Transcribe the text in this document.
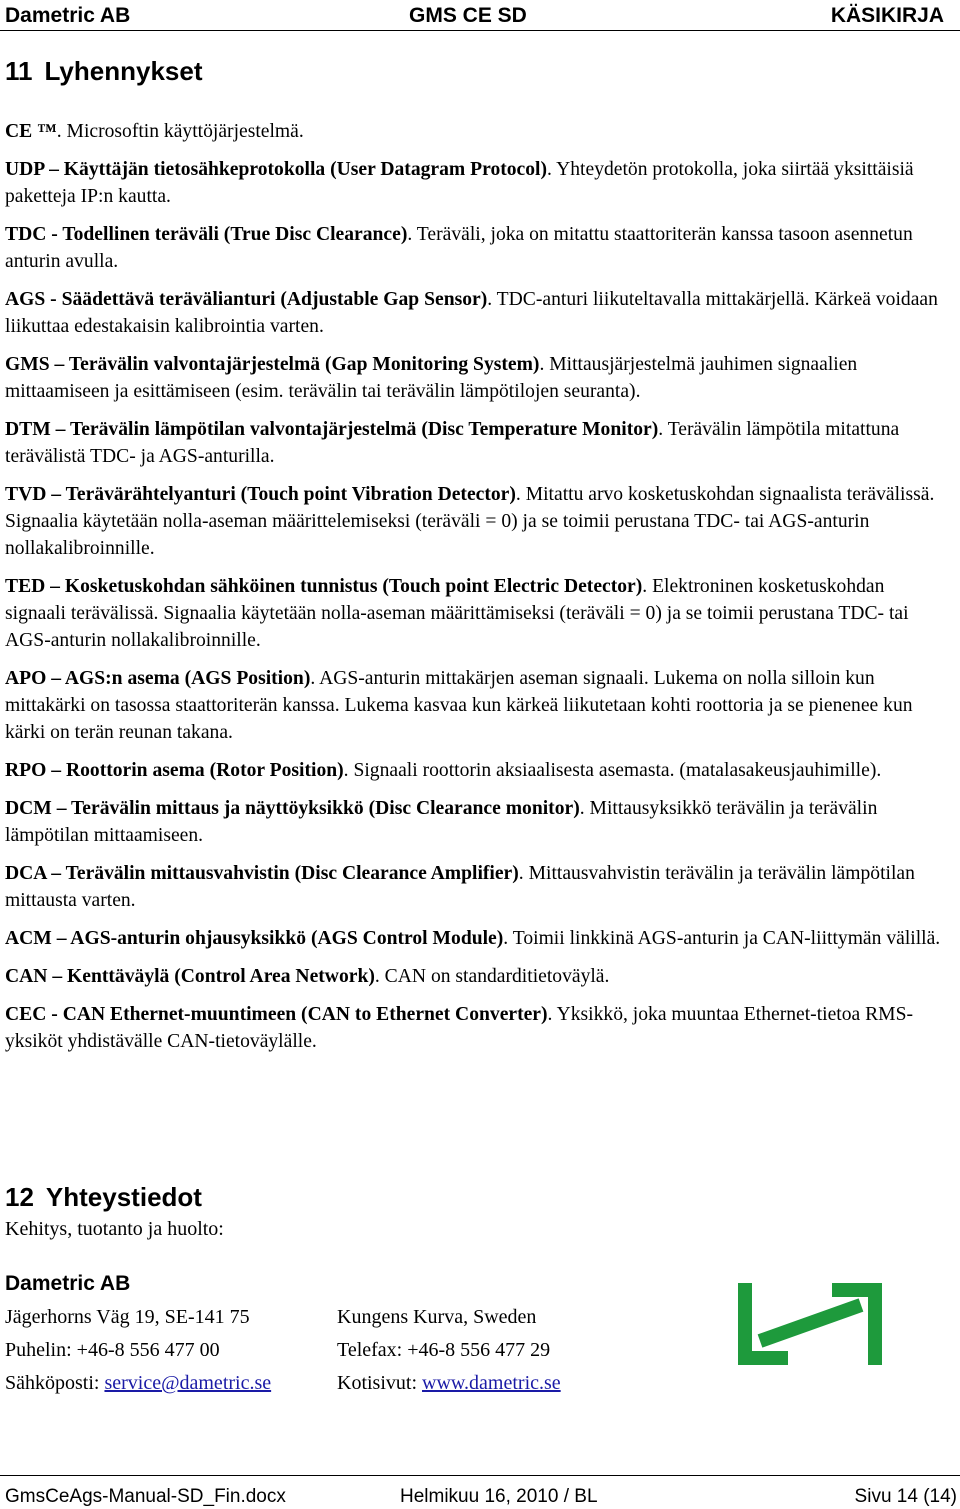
Dametric AB	GMS CE SD	KÄSIKIRJA
11 Lyhennykset

CE ™. Microsoftin käyttöjärjestelmä.

UDP – Käyttäjän tietosähkeprotokolla (User Datagram Protocol). Yhteydetön protokolla, joka siirtää yksittäisiä paketteja IP:n kautta.

TDC - Todellinen teräväli (True Disc Clearance). Teräväli, joka on mitattu staattoriterän kanssa tasoon asennetun anturin avulla.

AGS - Säädettävä terävälianturi (Adjustable Gap Sensor). TDC-anturi liikuteltavalla mittakärjellä. Kärkeä voidaan liikuttaa edestakaisin kalibrointia varten.

GMS – Terävälin valvontajärjestelmä (Gap Monitoring System). Mittausjärjestelmä jauhimen signaalien mittaamiseen ja esittämiseen (esim. terävälin tai terävälin lämpötilojen seuranta).

DTM – Terävälin lämpötilan valvontajärjestelmä (Disc Temperature Monitor). Terävälin lämpötila mitattuna terävälistä TDC- ja AGS-anturilla.

TVD – Terävärähtelyanturi (Touch point Vibration Detector). Mitattu arvo kosketuskohdan signaalista terävälissä. Signaalia käytetään nolla-aseman määrittelemiseksi (teräväli = 0) ja se toimii perustana TDC- tai AGS-anturin nollakalibroinnille.

TED – Kosketuskohdan sähköinen tunnistus (Touch point Electric Detector). Elektroninen kosketuskohdan signaali terävälissä. Signaalia käytetään nolla-aseman määrittämiseksi (teräväli = 0) ja se toimii perustana TDC- tai AGS-anturin nollakalibroinnille.

APO – AGS:n asema (AGS Position). AGS-anturin mittakärjen aseman signaali. Lukema on nolla silloin kun mittakärki on tasossa staattoriterän kanssa. Lukema kasvaa kun kärkeä liikutetaan kohti roottoria ja se pienenee kun kärki on terän reunan takana.

RPO – Roottorin asema (Rotor Position). Signaali roottorin aksiaalisesta asemasta. (matalasakeusjauhimille).

DCM – Terävälin mittaus ja näyttöyksikkö (Disc Clearance monitor). Mittausyksikkö terävälin ja terävälin lämpötilan mittaamiseen.

DCA – Terävälin mittausvahvistin (Disc Clearance Amplifier). Mittausvahvistin terävälin ja terävälin lämpötilan mittausta varten.

ACM – AGS-anturin ohjausyksikkö (AGS Control Module). Toimii linkkinä AGS-anturin ja CAN-liittymän välillä.

CAN – Kenttäväylä (Control Area Network). CAN on standarditietoväylä.

CEC - CAN Ethernet-muuntimeen (CAN to Ethernet Converter). Yksikkö, joka muuntaa Ethernet-tietoa RMS-yksiköt yhdistävälle CAN-tietoväylälle.

12 Yhteystiedot
Kehitys, tuotanto ja huolto:
Dametric AB
Jägerhorns Väg 19, SE-141 75	Kungens Kurva, Sweden
Puhelin: +46-8 556 477 00	Telefax: +46-8 556 477 29
Sähköposti: service@dametric.se	Kotisivut: www.dametric.se
GmsCeAgs-Manual-SD_Fin.docx	Helmikuu 16, 2010 / BL	Sivu 14 (14)
